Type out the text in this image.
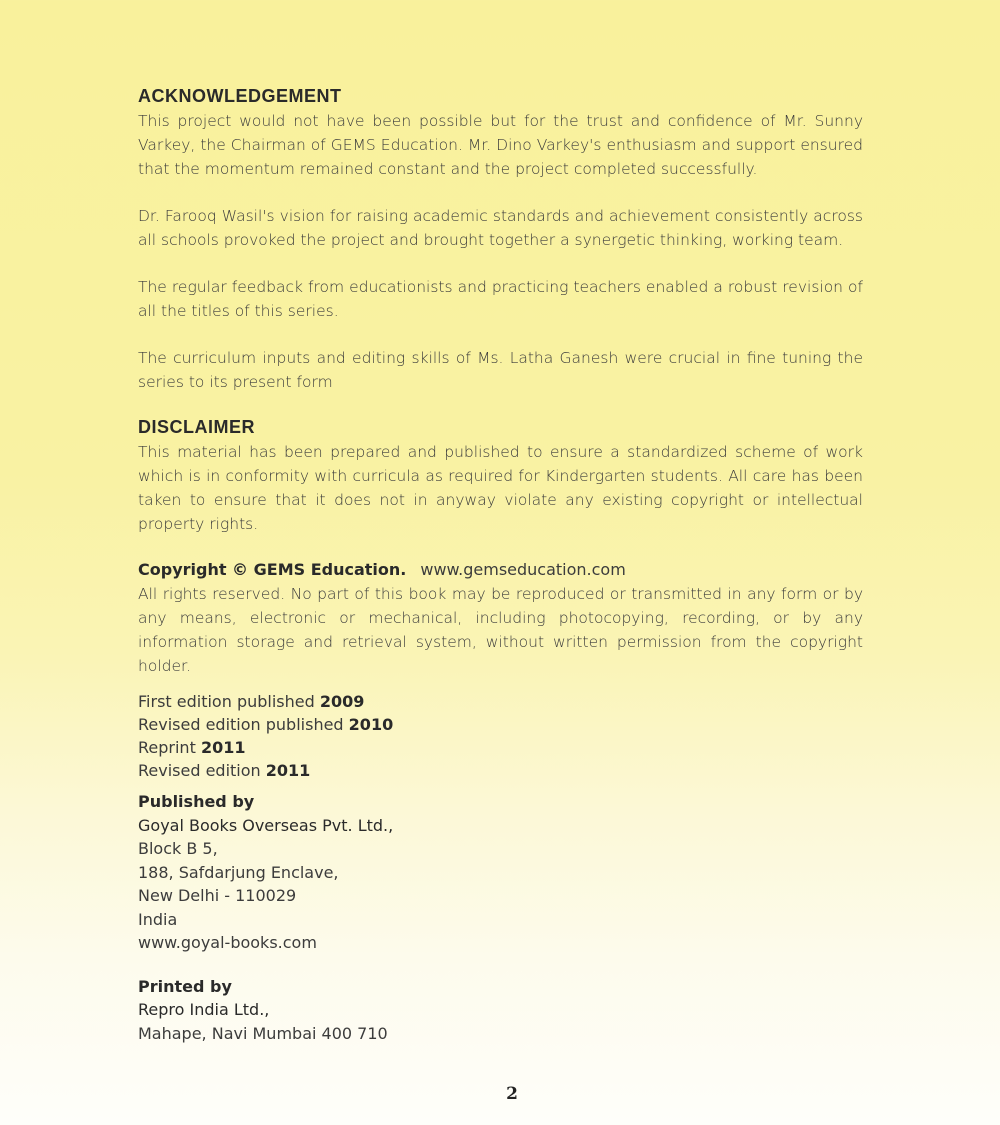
ACKNOWLEDGEMENT

This project would not have been possible but for the trust and confidence of Mr. Sunny Varkey, the Chairman of GEMS Education. Mr. Dino Varkey's enthusiasm and support ensured that the momentum remained constant and the project completed successfully.

Dr. Farooq Wasil's vision for raising academic standards and achievement consistently across all schools provoked the project and brought together a synergetic thinking, working team.

The regular feedback from educationists and practicing teachers enabled a robust revision of all the titles of this series.

The curriculum inputs and editing skills of Ms. Latha Ganesh were crucial in fine tuning the series to its present form

DISCLAIMER

This material has been prepared and published to ensure a standardized scheme of work which is in conformity with curricula as required for Kindergarten students. All care has been taken to ensure that it does not in anyway violate any existing copyright or intellectual property rights.

Copyright © GEMS Education. www.gemseducation.com

All rights reserved. No part of this book may be reproduced or transmitted in any form or by any means, electronic or mechanical, including photocopying, recording, or by any information storage and retrieval system, without written permission from the copyright holder.

First edition published 2009
Revised edition published 2010
Reprint 2011
Revised edition 2011
Published by
Goyal Books Overseas Pvt. Ltd.,
Block B 5,
188, Safdarjung Enclave,
New Delhi - 110029
India
www.goyal-books.com
Printed by
Repro India Ltd.,
Mahape, Navi Mumbai 400 710
2
